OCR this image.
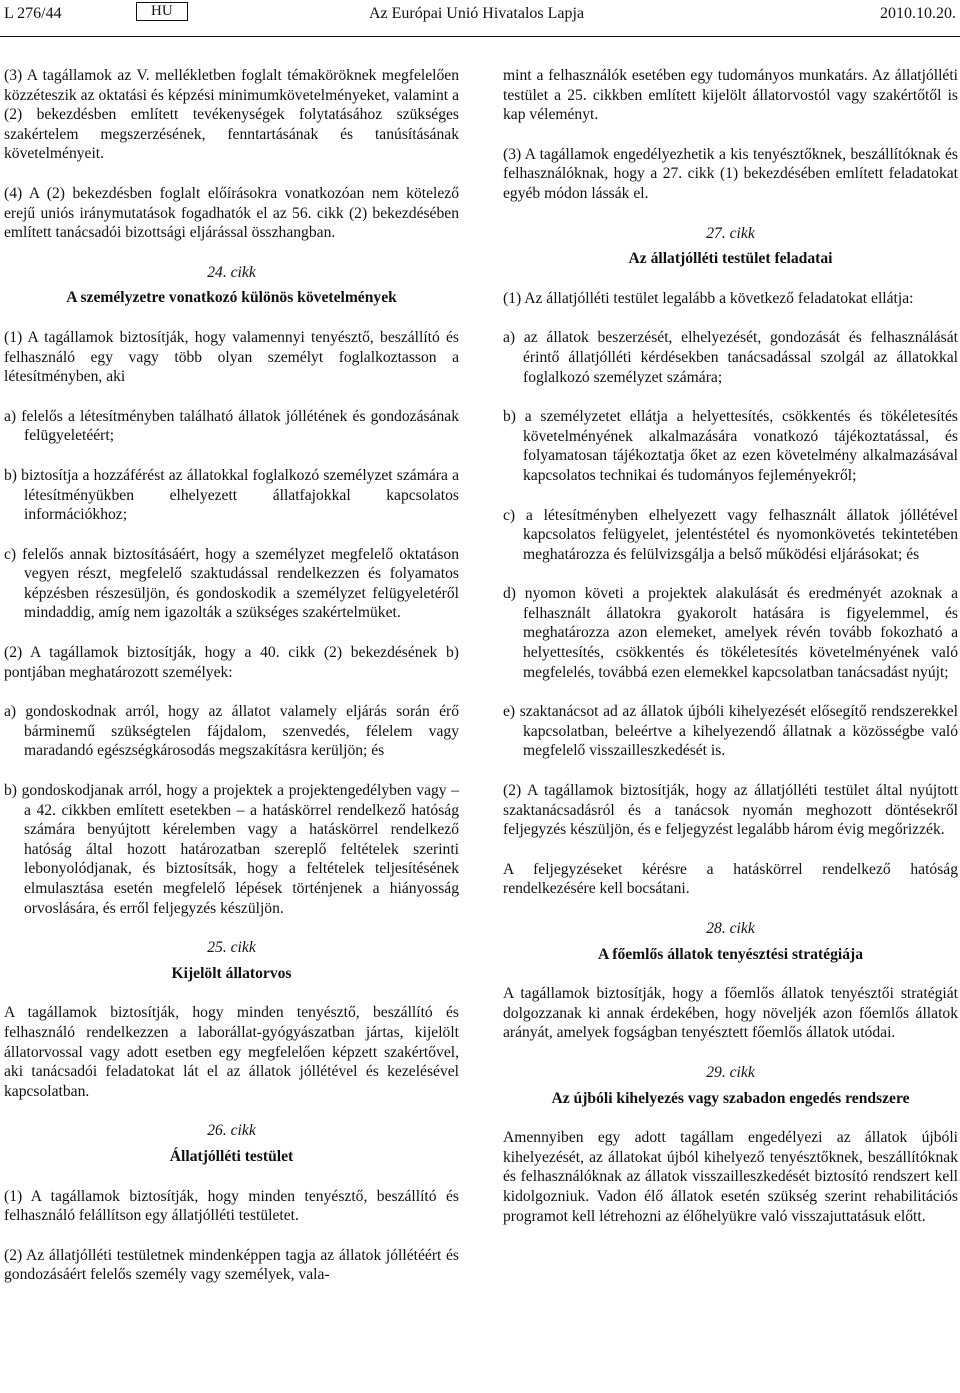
L 276/44	HU	Az Európai Unió Hivatalos Lapja	2010.10.20.
(3) A tagállamok az V. mellékletben foglalt témaköröknek megfelelően közzéteszik az oktatási és képzési minimumkövetelményeket, valamint a (2) bekezdésben említett tevékenységek folytatásához szükséges szakértelem megszerzésének, fenntartásának és tanúsításának követelményeit.
(4) A (2) bekezdésben foglalt előírásokra vonatkozóan nem kötelező erejű uniós iránymutatások fogadhatók el az 56. cikk (2) bekezdésében említett tanácsadói bizottsági eljárással összhangban.
24. cikk
A személyzetre vonatkozó különös követelmények
(1) A tagállamok biztosítják, hogy valamennyi tenyésztő, beszállító és felhasználó egy vagy több olyan személyt foglalkoztasson a létesítményben, aki
a) felelős a létesítményben található állatok jóllétének és gondozásának felügyeletéért;
b) biztosítja a hozzáférést az állatokkal foglalkozó személyzet számára a létesítményükben elhelyezett állatfajokkal kapcsolatos információkhoz;
c) felelős annak biztosításáért, hogy a személyzet megfelelő oktatáson vegyen részt, megfelelő szaktudással rendelkezzen és folyamatos képzésben részesüljön, és gondoskodik a személyzet felügyeletéről mindaddig, amíg nem igazolták a szükséges szakértelmüket.
(2) A tagállamok biztosítják, hogy a 40. cikk (2) bekezdésének b) pontjában meghatározott személyek:
a) gondoskodnak arról, hogy az állatot valamely eljárás során érő bárminemű szükségtelen fájdalom, szenvedés, félelem vagy maradandó egészségkárosodás megszakításra kerüljön; és
b) gondoskodjanak arról, hogy a projektek a projektengedélyben vagy – a 42. cikkben említett esetekben – a hatáskörrel rendelkező hatóság számára benyújtott kérelemben vagy a hatáskörrel rendelkező hatóság által hozott határozatban szereplő feltételek szerinti lebonyolódjanak, és biztosítsák, hogy a feltételek teljesítésének elmulasztása esetén megfelelő lépések történjenek a hiányosság orvoslására, és erről feljegyzés készüljön.
25. cikk
Kijelölt állatorvos
A tagállamok biztosítják, hogy minden tenyésztő, beszállító és felhasználó rendelkezzen a laborállat-gyógyászatban jártas, kijelölt állatorvossal vagy adott esetben egy megfelelően képzett szakértővel, aki tanácsadói feladatokat lát el az állatok jóllétével és kezelésével kapcsolatban.
26. cikk
Állatjólléti testület
(1) A tagállamok biztosítják, hogy minden tenyésztő, beszállító és felhasználó felállítson egy állatjólléti testületet.
(2) Az állatjólléti testületnek mindenképpen tagja az állatok jóllétéért és gondozásáért felelős személy vagy személyek, vala-
mint a felhasználók esetében egy tudományos munkatárs. Az állatjólléti testület a 25. cikkben említett kijelölt állatorvostól vagy szakértőtől is kap véleményt.
(3) A tagállamok engedélyezhetik a kis tenyésztőknek, beszállítóknak és felhasználóknak, hogy a 27. cikk (1) bekezdésében említett feladatokat egyéb módon lássák el.
27. cikk
Az állatjólléti testület feladatai
(1) Az állatjólléti testület legalább a következő feladatokat ellátja:
a) az állatok beszerzését, elhelyezését, gondozását és felhasználását érintő állatjólléti kérdésekben tanácsadással szolgál az állatokkal foglalkozó személyzet számára;
b) a személyzetet ellátja a helyettesítés, csökkentés és tökéletesítés követelményének alkalmazására vonatkozó tájékoztatással, és folyamatosan tájékoztatja őket az ezen követelmény alkalmazásával kapcsolatos technikai és tudományos fejleményekről;
c) a létesítményben elhelyezett vagy felhasznált állatok jóllétével kapcsolatos felügyelet, jelentéstétel és nyomonkövetés tekintetében meghatározza és felülvizsgálja a belső működési eljárásokat; és
d) nyomon követi a projektek alakulását és eredményét azoknak a felhasznált állatokra gyakorolt hatására is figyelemmel, és meghatározza azon elemeket, amelyek révén tovább fokozható a helyettesítés, csökkentés és tökéletesítés követelményének való megfelelés, továbbá ezen elemekkel kapcsolatban tanácsadást nyújt;
e) szaktanácsot ad az állatok újbóli kihelyezését elősegítő rendszerekkel kapcsolatban, beleértve a kihelyezendő állatnak a közösségbe való megfelelő visszailleszkedését is.
(2) A tagállamok biztosítják, hogy az állatjólléti testület által nyújtott szaktanácsadásról és a tanácsok nyomán meghozott döntésekről feljegyzés készüljön, és e feljegyzést legalább három évig megőrizzék.
A feljegyzéseket kérésre a hatáskörrel rendelkező hatóság rendelkezésére kell bocsátani.
28. cikk
A főemlős állatok tenyésztési stratégiája
A tagállamok biztosítják, hogy a főemlős állatok tenyésztői stratégiát dolgozzanak ki annak érdekében, hogy növeljék azon főemlős állatok arányát, amelyek fogságban tenyésztett főemlős állatok utódai.
29. cikk
Az újbóli kihelyezés vagy szabadon engedés rendszere
Amennyiben egy adott tagállam engedélyezi az állatok újbóli kihelyezését, az állatokat újból kihelyező tenyésztőknek, beszállítóknak és felhasználóknak az állatok visszailleszkedését biztosító rendszert kell kidolgozniuk. Vadon élő állatok esetén szükség szerint rehabilitációs programot kell létrehozni az élőhelyükre való visszajuttatásuk előtt.
